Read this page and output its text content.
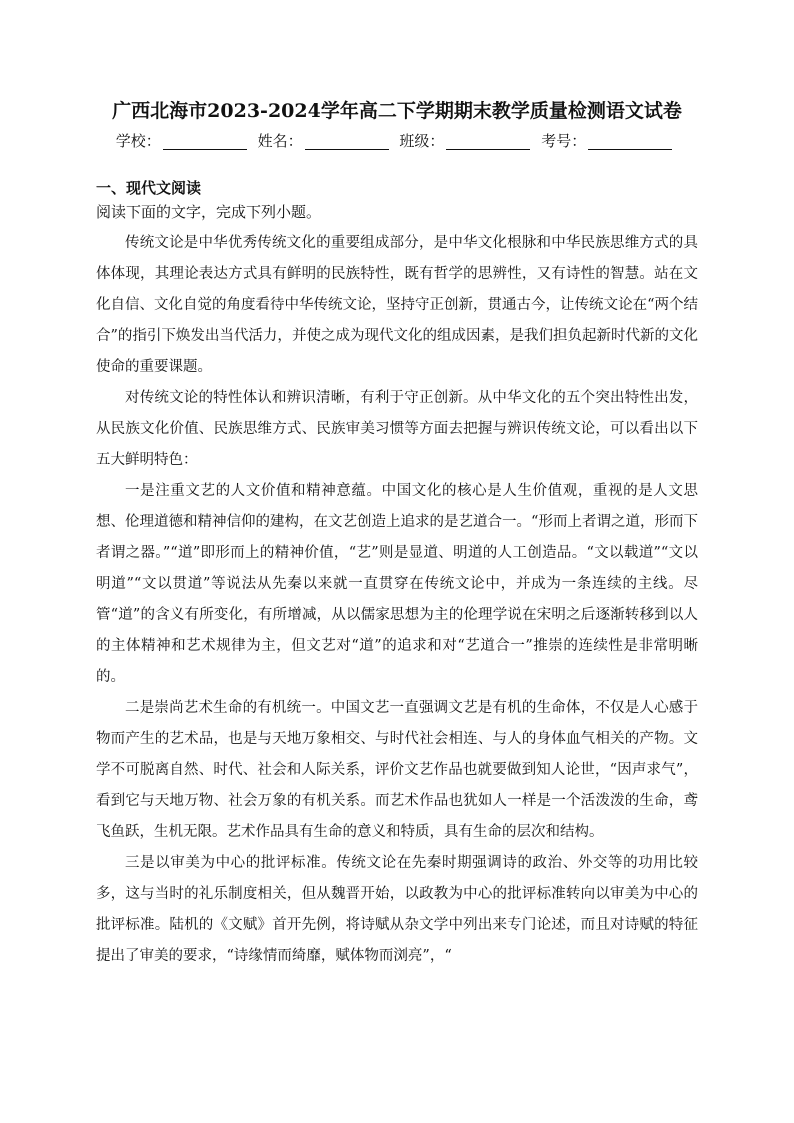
广西北海市2023-2024学年高二下学期期末教学质量检测语文试卷
学校：	姓名：	班级：	考号：
一、现代文阅读
阅读下面的文字，完成下列小题。

传统文论是中华优秀传统文化的重要组成部分，是中华文化根脉和中华民族思维方式的具体体现，其理论表达方式具有鲜明的民族特性，既有哲学的思辨性，又有诗性的智慧。站在文化自信、文化自觉的角度看待中华传统文论，坚持守正创新，贯通古今，让传统文论在“两个结合”的指引下焕发出当代活力，并使之成为现代文化的组成因素，是我们担负起新时代新的文化使命的重要课题。

对传统文论的特性体认和辨识清晰，有利于守正创新。从中华文化的五个突出特性出发，从民族文化价值、民族思维方式、民族审美习惯等方面去把握与辨识传统文论，可以看出以下五大鲜明特色：

一是注重文艺的人文价值和精神意蕴。中国文化的核心是人生价值观，重视的是人文思想、伦理道德和精神信仰的建构，在文艺创造上追求的是艺道合一。“形而上者谓之道，形而下者谓之器。”“道”即形而上的精神价值，“艺”则是显道、明道的人工创造品。“文以载道”“文以明道”“文以贯道”等说法从先秦以来就一直贯穿在传统文论中，并成为一条连续的主线。尽管“道”的含义有所变化，有所增减，从以儒家思想为主的伦理学说在宋明之后逐渐转移到以人的主体精神和艺术规律为主，但文艺对“道”的追求和对“艺道合一”推崇的连续性是非常明晰的。

二是崇尚艺术生命的有机统一。中国文艺一直强调文艺是有机的生命体，不仅是人心感于物而产生的艺术品，也是与天地万象相交、与时代社会相连、与人的身体血气相关的产物。文学不可脱离自然、时代、社会和人际关系，评价文艺作品也就要做到知人论世，“因声求气”，看到它与天地万物、社会万象的有机关系。而艺术作品也犹如人一样是一个活泼泼的生命，鸢飞鱼跃，生机无限。艺术作品具有生命的意义和特质，具有生命的层次和结构。

三是以审美为中心的批评标准。传统文论在先秦时期强调诗的政治、外交等的功用比较多，这与当时的礼乐制度相关，但从魏晋开始，以政教为中心的批评标准转向以审美为中心的批评标准。陆机的《文赋》首开先例，将诗赋从杂文学中列出来专门论述，而且对诗赋的特征提出了审美的要求，“诗缘情而绮靡，赋体物而浏亮”，“
